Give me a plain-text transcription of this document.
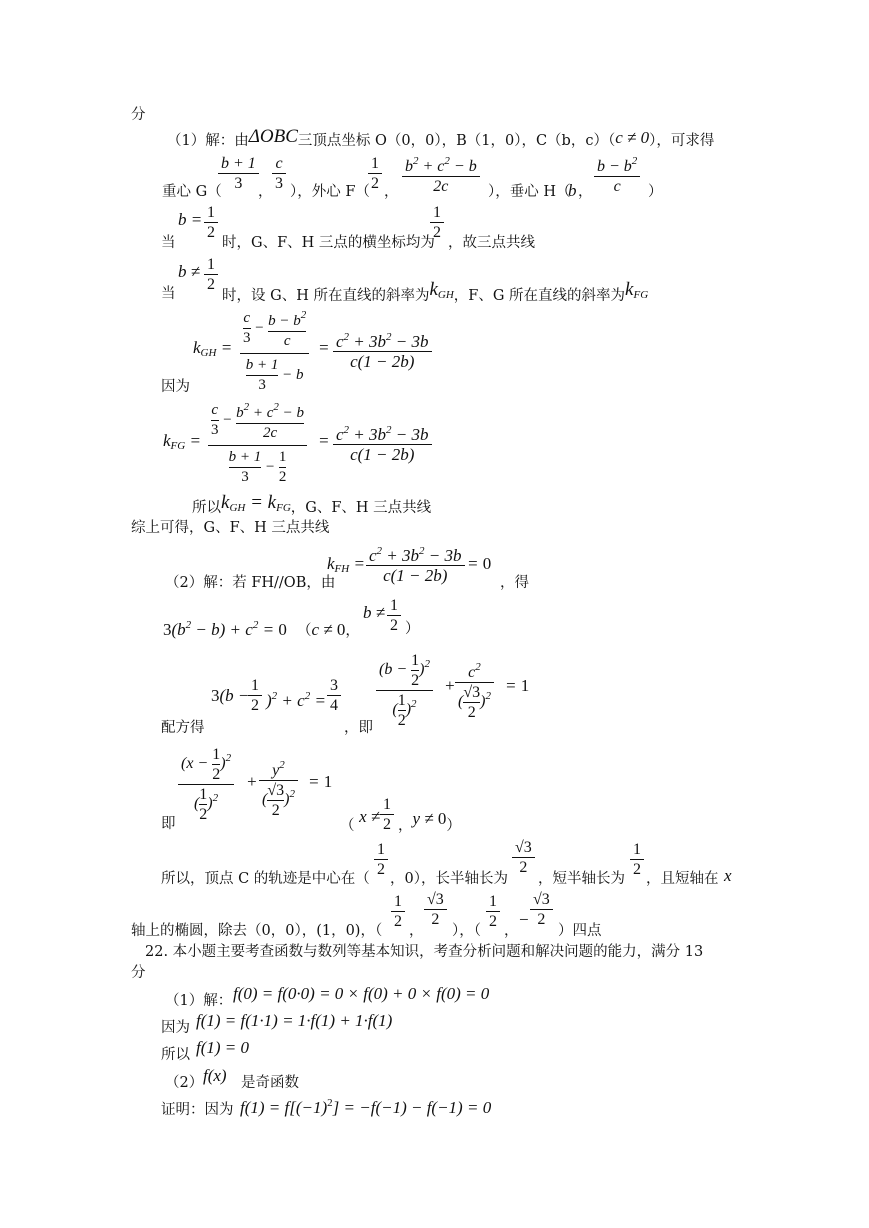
分
（1）解：由ΔOBC三顶点坐标 O（0，0），B（1，0），C（b，c）（c ≠ 0），可求得
重心 G（
b + 1
3	，
c
3 ），外心 F（
1
2 ，
$b^2 + c^2 - b$
2c	），垂心 H（
b ，
$b - b^2$
c	）
b = 1
2
当	时，G、F、H 三点的横坐标均为
1
2
，故三点共线
b ≠ 1
2
当	时，设 G、H 所在直线的斜率为$k_{GH}$，F、G 所在直线的斜率为$k_{FG}$
$k_{GH} = \frac{c}{3} - \frac{b - b^2}{c}$
$\frac{b + 1}{3} - b$
= $c^2 + 3b^2 - 3b$
c(1 − 2b)
因为
$k_{FG}$ =
$\frac{c}{3} - \frac{b^2 + c^2 - b}{2c}$
$\frac{b + 1}{3} - \frac{1}{2}$
= $c^2 + 3b^2 - 3b$
c(1 − 2b)
所以$k_{GH} = k_{FG}$，G、F、H 三点共线
综上可得，G、F、H 三点共线
$k_{FH} = c^2 + 3b^2 - 3b$
c(1 − 2b)
= 0
（2）解：若 FH//OB，由	，得
$3(b^2 - b) + c^2 = 0$ （c ≠ 0，
b ≠ 1
2 ）
3(b −
1
2 )$^2 + c^2$ =
3
4
，即
配方得
$(b - \frac{1}{2} )^2$
( $\frac{1}{2} )^2$
+
$c^2$
( $\frac{√3}{2} )^2$
= 1
$(x - \frac{1}{2} )^2$
( $\frac{1}{2} )^2$
+
$y^2$
( $\frac{√3}{2} )^2$
= 1
即	（ x ≠
1
2 ，y ≠ 0）
所以，顶点 C 的轨迹是中心在（
1
2
，0），长半轴长为
√3
2
，短半轴长为
1
2
，且短轴在 x
轴上的椭圆，除去（0，0），(1，0)，（
1
2
，
√3
2
），（
1
2
，
−
√3
2
）四点
22. 本小题主要考查函数与数列等基本知识，考查分析问题和解决问题的能力，满分 13
分
（1）解： f(0) = f(0·0) = 0 × f(0) + 0 × f(0) = 0
因为 f(1) = f(1·1) = 1·f(1) + 1·f(1)
所以 f(1) = 0
（2） f(x) 是奇函数
证明：因为 $f(1) = f[(-1)^2] = -f(-1) - f(-1) = 0$
